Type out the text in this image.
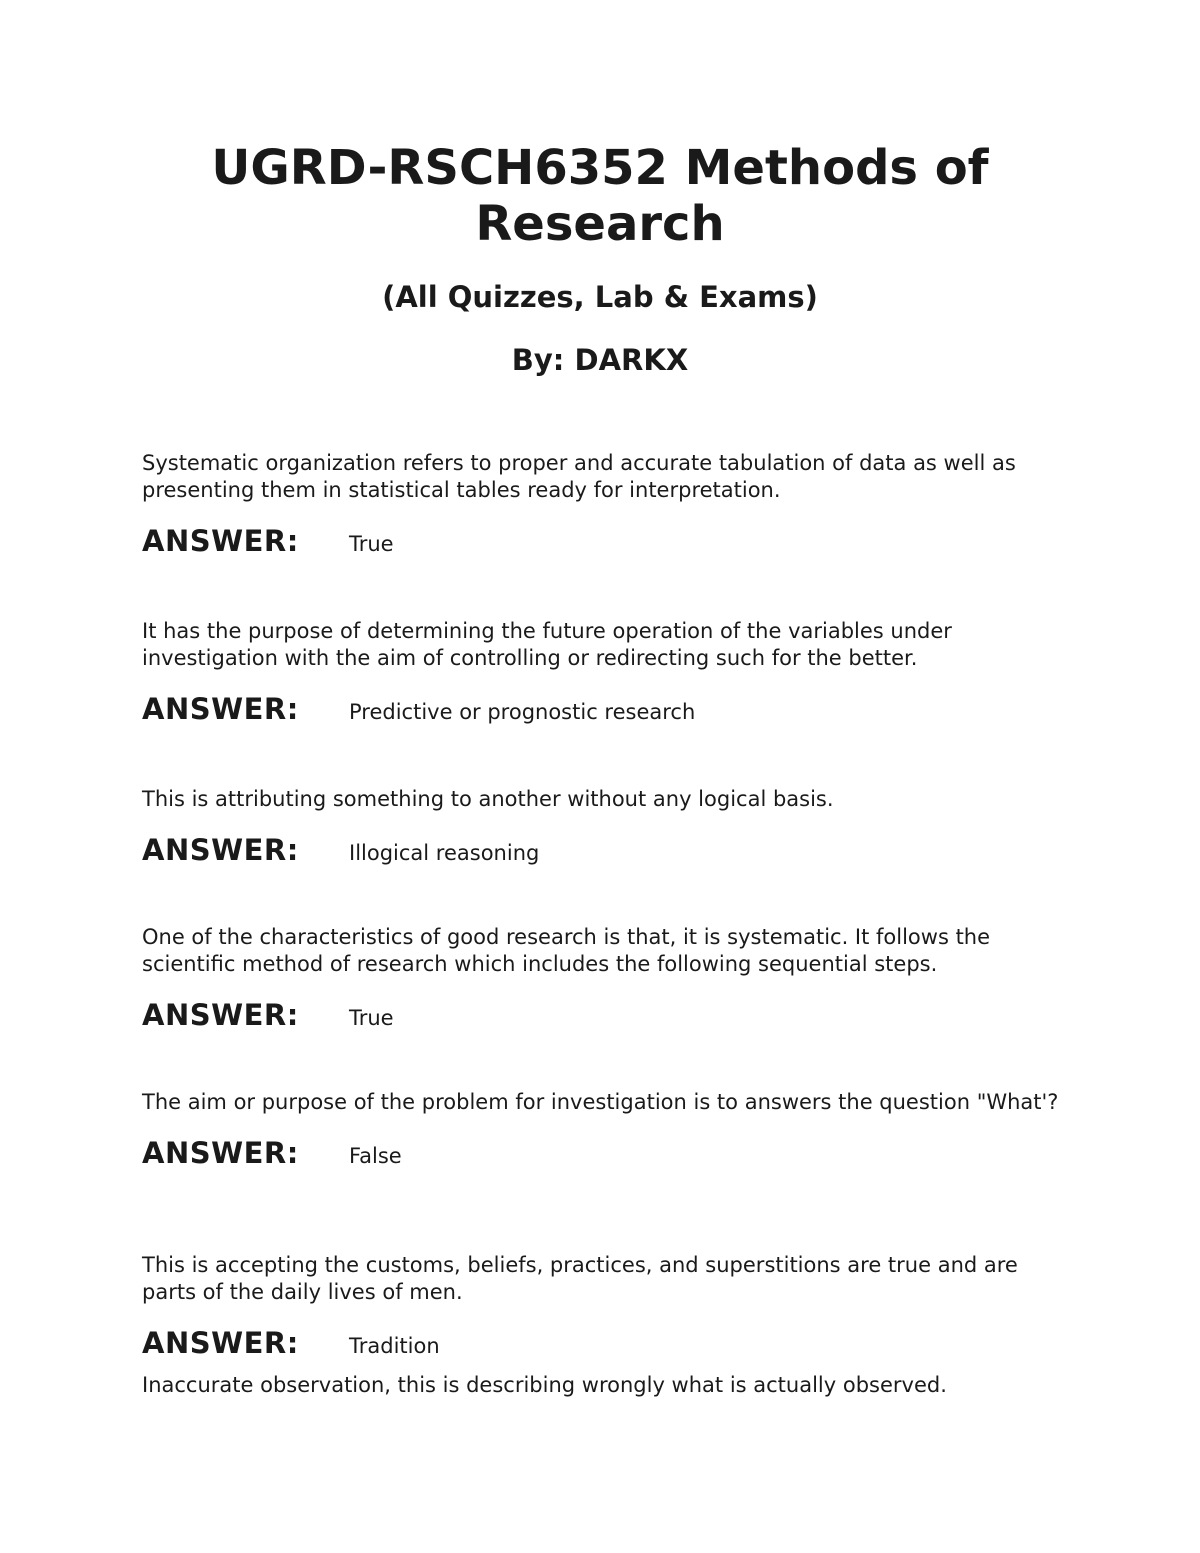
UGRD-RSCH6352 Methods of Research
(All Quizzes, Lab & Exams)
By: DARKX

Systematic organization refers to proper and accurate tabulation of data as well as presenting them in statistical tables ready for interpretation.

ANSWER:	True

It has the purpose of determining the future operation of the variables under investigation with the aim of controlling or redirecting such for the better.

ANSWER:	Predictive or prognostic research

This is attributing something to another without any logical basis.

ANSWER:	Illogical reasoning

One of the characteristics of good research is that, it is systematic. It follows the scientific method of research which includes the following sequential steps.

ANSWER:	True

The aim or purpose of the problem for investigation is to answers the question "What'?

ANSWER:	False

This is accepting the customs, beliefs, practices, and superstitions are true and are parts of the daily lives of men.

ANSWER:	Tradition

Inaccurate observation, this is describing wrongly what is actually observed.
